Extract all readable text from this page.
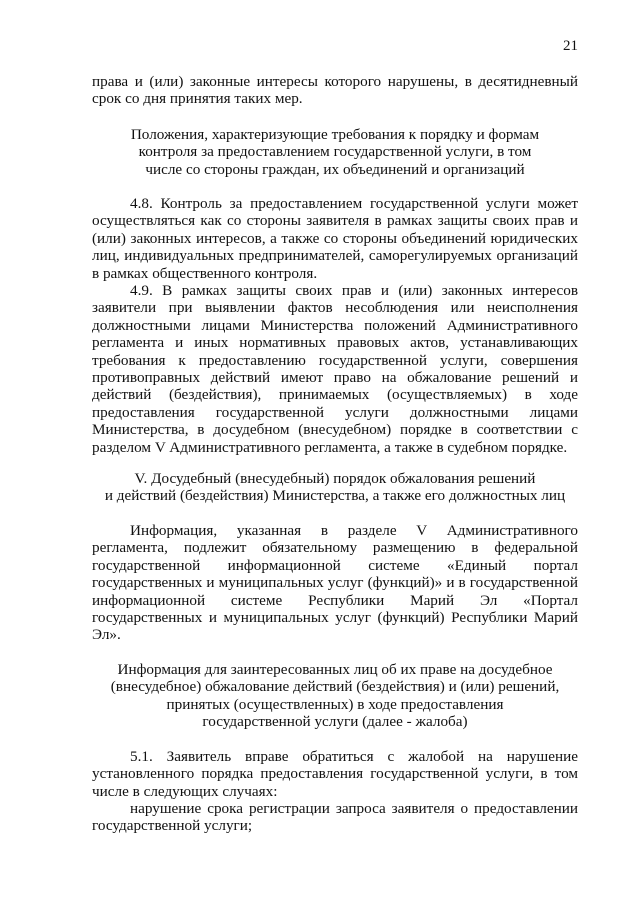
21

права и (или) законные интересы которого нарушены, в десятидневный срок со дня принятия таких мер.

Положения, характеризующие требования к порядку и формам
контроля за предоставлением государственной услуги, в том
числе со стороны граждан, их объединений и организаций

4.8. Контроль за предоставлением государственной услуги может осуществляться как со стороны заявителя в рамках защиты своих прав и (или) законных интересов, а также со стороны объединений юридических лиц, индивидуальных предпринимателей, саморегулируемых организаций в рамках общественного контроля.

4.9. В рамках защиты своих прав и (или) законных интересов заявители при выявлении фактов несоблюдения или неисполнения должностными лицами Министерства положений Административного регламента и иных нормативных правовых актов, устанавливающих требования к предоставлению государственной услуги, совершения противоправных действий имеют право на обжалование решений и действий (бездействия), принимаемых (осуществляемых) в ходе предоставления государственной услуги должностными лицами Министерства, в досудебном (внесудебном) порядке в соответствии с разделом V Административного регламента, а также в судебном порядке.

V. Досудебный (внесудебный) порядок обжалования решений
и действий (бездействия) Министерства, а также его должностных лиц

Информация, указанная в разделе V Административного регламента, подлежит обязательному размещению в федеральной государственной информационной системе «Единый портал государственных и муниципальных услуг (функций)» и в государственной информационной системе Республики Марий Эл «Портал государственных и муниципальных услуг (функций) Республики Марий Эл».

Информация для заинтересованных лиц об их праве на досудебное
(внесудебное) обжалование действий (бездействия) и (или) решений,
принятых (осуществленных) в ходе предоставления
государственной услуги (далее - жалоба)

5.1. Заявитель вправе обратиться с жалобой на нарушение установленного порядка предоставления государственной услуги, в том числе в следующих случаях:

нарушение срока регистрации запроса заявителя о предоставлении государственной услуги;
